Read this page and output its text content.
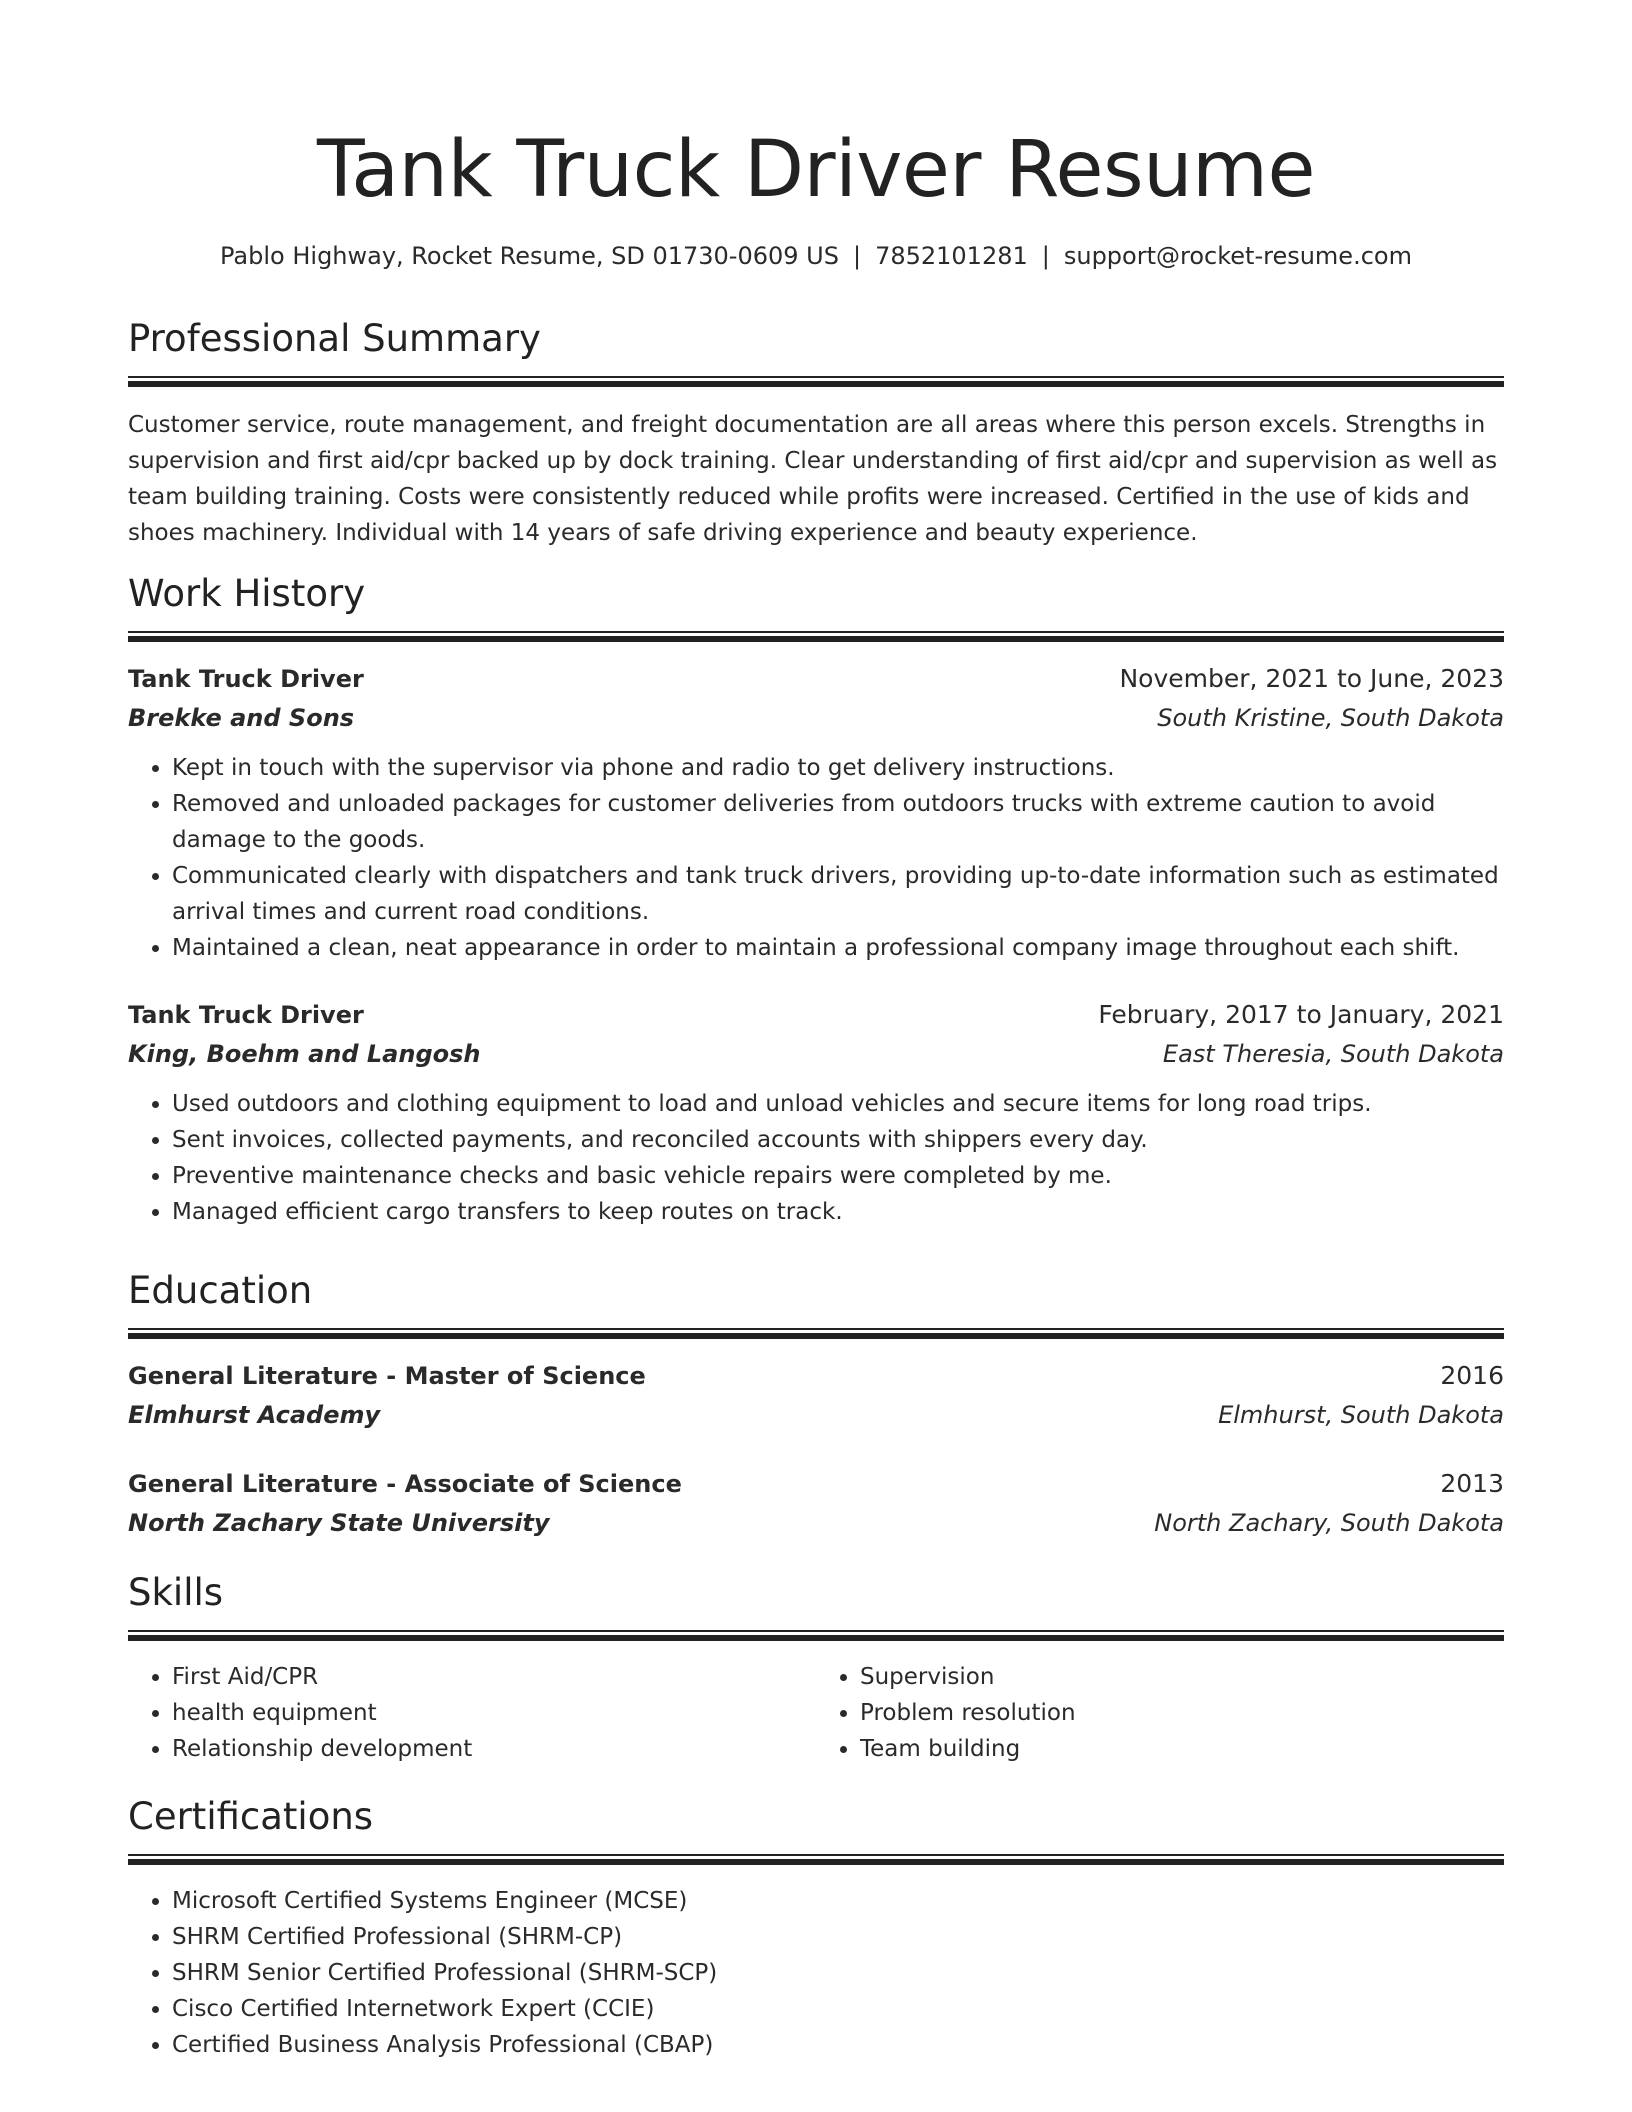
Tank Truck Driver Resume
Pablo Highway, Rocket Resume, SD 01730-0609 US | 7852101281 | support@rocket-resume.com
Professional Summary
Customer service, route management, and freight documentation are all areas where this person excels. Strengths in supervision and first aid/cpr backed up by dock training. Clear understanding of first aid/cpr and supervision as well as team building training. Costs were consistently reduced while profits were increased. Certified in the use of kids and shoes machinery. Individual with 14 years of safe driving experience and beauty experience.
Work History
Tank Truck Driver	November, 2021 to June, 2023
Brekke and Sons	South Kristine, South Dakota
• Kept in touch with the supervisor via phone and radio to get delivery instructions.
• Removed and unloaded packages for customer deliveries from outdoors trucks with extreme caution to avoid damage to the goods.
• Communicated clearly with dispatchers and tank truck drivers, providing up-to-date information such as estimated arrival times and current road conditions.
• Maintained a clean, neat appearance in order to maintain a professional company image throughout each shift.
Tank Truck Driver	February, 2017 to January, 2021
King, Boehm and Langosh	East Theresia, South Dakota
• Used outdoors and clothing equipment to load and unload vehicles and secure items for long road trips.
• Sent invoices, collected payments, and reconciled accounts with shippers every day.
• Preventive maintenance checks and basic vehicle repairs were completed by me.
• Managed efficient cargo transfers to keep routes on track.
Education
General Literature - Master of Science	2016
Elmhurst Academy	Elmhurst, South Dakota
General Literature - Associate of Science	2013
North Zachary State University	North Zachary, South Dakota
Skills
• First Aid/CPR
• health equipment
• Relationship development
• Supervision
• Problem resolution
• Team building
Certifications
• Microsoft Certified Systems Engineer (MCSE)
• SHRM Certified Professional (SHRM-CP)
• SHRM Senior Certified Professional (SHRM-SCP)
• Cisco Certified Internetwork Expert (CCIE)
• Certified Business Analysis Professional (CBAP)
